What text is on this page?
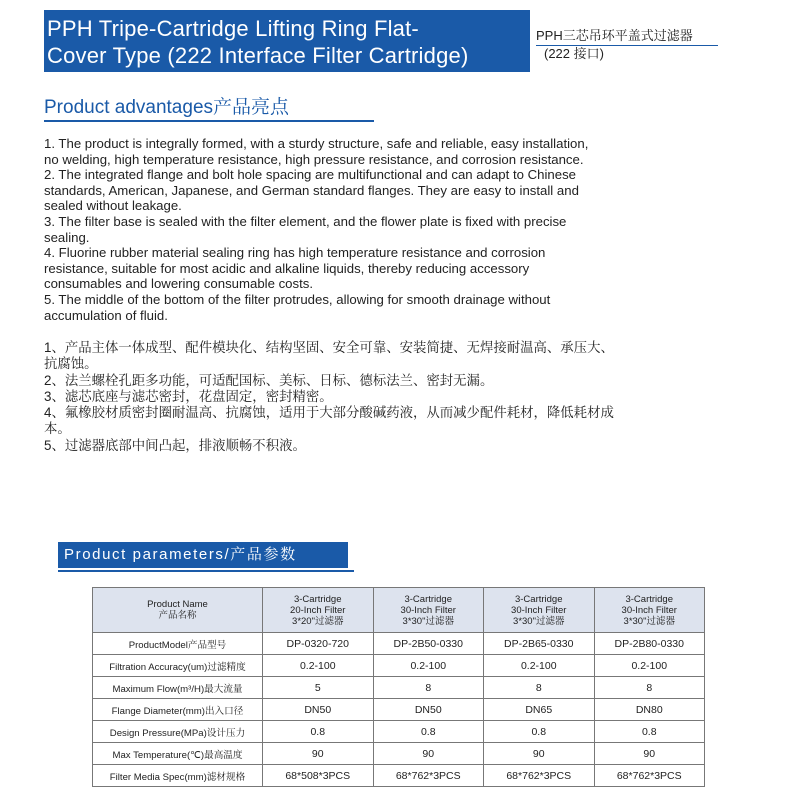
PPH Tripe-Cartridge Lifting Ring Flat-
Cover Type (222 Interface Filter Cartridge)
PPH三芯吊环平盖式过滤器
(222 接口)
Product advantages产品亮点
1. The product is integrally formed, with a sturdy structure, safe and reliable, easy installation,
no welding, high temperature resistance, high pressure resistance, and corrosion resistance.
2. The integrated flange and bolt hole spacing are multifunctional and can adapt to Chinese
standards, American, Japanese, and German standard flanges. They are easy to install and
sealed without leakage.
3. The filter base is sealed with the filter element, and the flower plate is fixed with precise
sealing.
4. Fluorine rubber material sealing ring has high temperature resistance and corrosion
resistance, suitable for most acidic and alkaline liquids, thereby reducing accessory
consumables and lowering consumable costs.
5. The middle of the bottom of the filter protrudes, allowing for smooth drainage without
accumulation of fluid.
1、产品主体一体成型、配件模块化、结构坚固、安全可靠、安装简捷、无焊接耐温高、承压大、
抗腐蚀。
2、法兰螺栓孔距多功能，可适配国标、美标、日标、德标法兰、密封无漏。
3、滤芯底座与滤芯密封，花盘固定，密封精密。
4、氟橡胶材质密封圈耐温高、抗腐蚀，适用于大部分酸碱药液，从而减少配件耗材，降低耗材成
本。
5、过滤器底部中间凸起，排液顺畅不积液。
Product parameters/产品参数
Product Name
产品名称	3-Cartridge
20-Inch Filter
3*20"过滤器	3-Cartridge
30-Inch Filter
3*30"过滤器	3-Cartridge
30-Inch Filter
3*30"过滤器	3-Cartridge
30-Inch Filter
3*30"过滤器

ProductModel产品型号	DP-0320-720	DP-2B50-0330	DP-2B65-0330	DP-2B80-0330
Filtration Accuracy(um)过滤精度	0.2-100	0.2-100	0.2-100	0.2-100
Maximum Flow(m³/H)最大流量	5	8	8	8
Flange Diameter(mm)出入口径	DN50	DN50	DN65	DN80
Design Pressure(MPa)设计压力	0.8	0.8	0.8	0.8
Max Temperature(℃)最高温度	90	90	90	90
Filter Media Spec(mm)滤材规格	68*508*3PCS	68*762*3PCS	68*762*3PCS	68*762*3PCS
